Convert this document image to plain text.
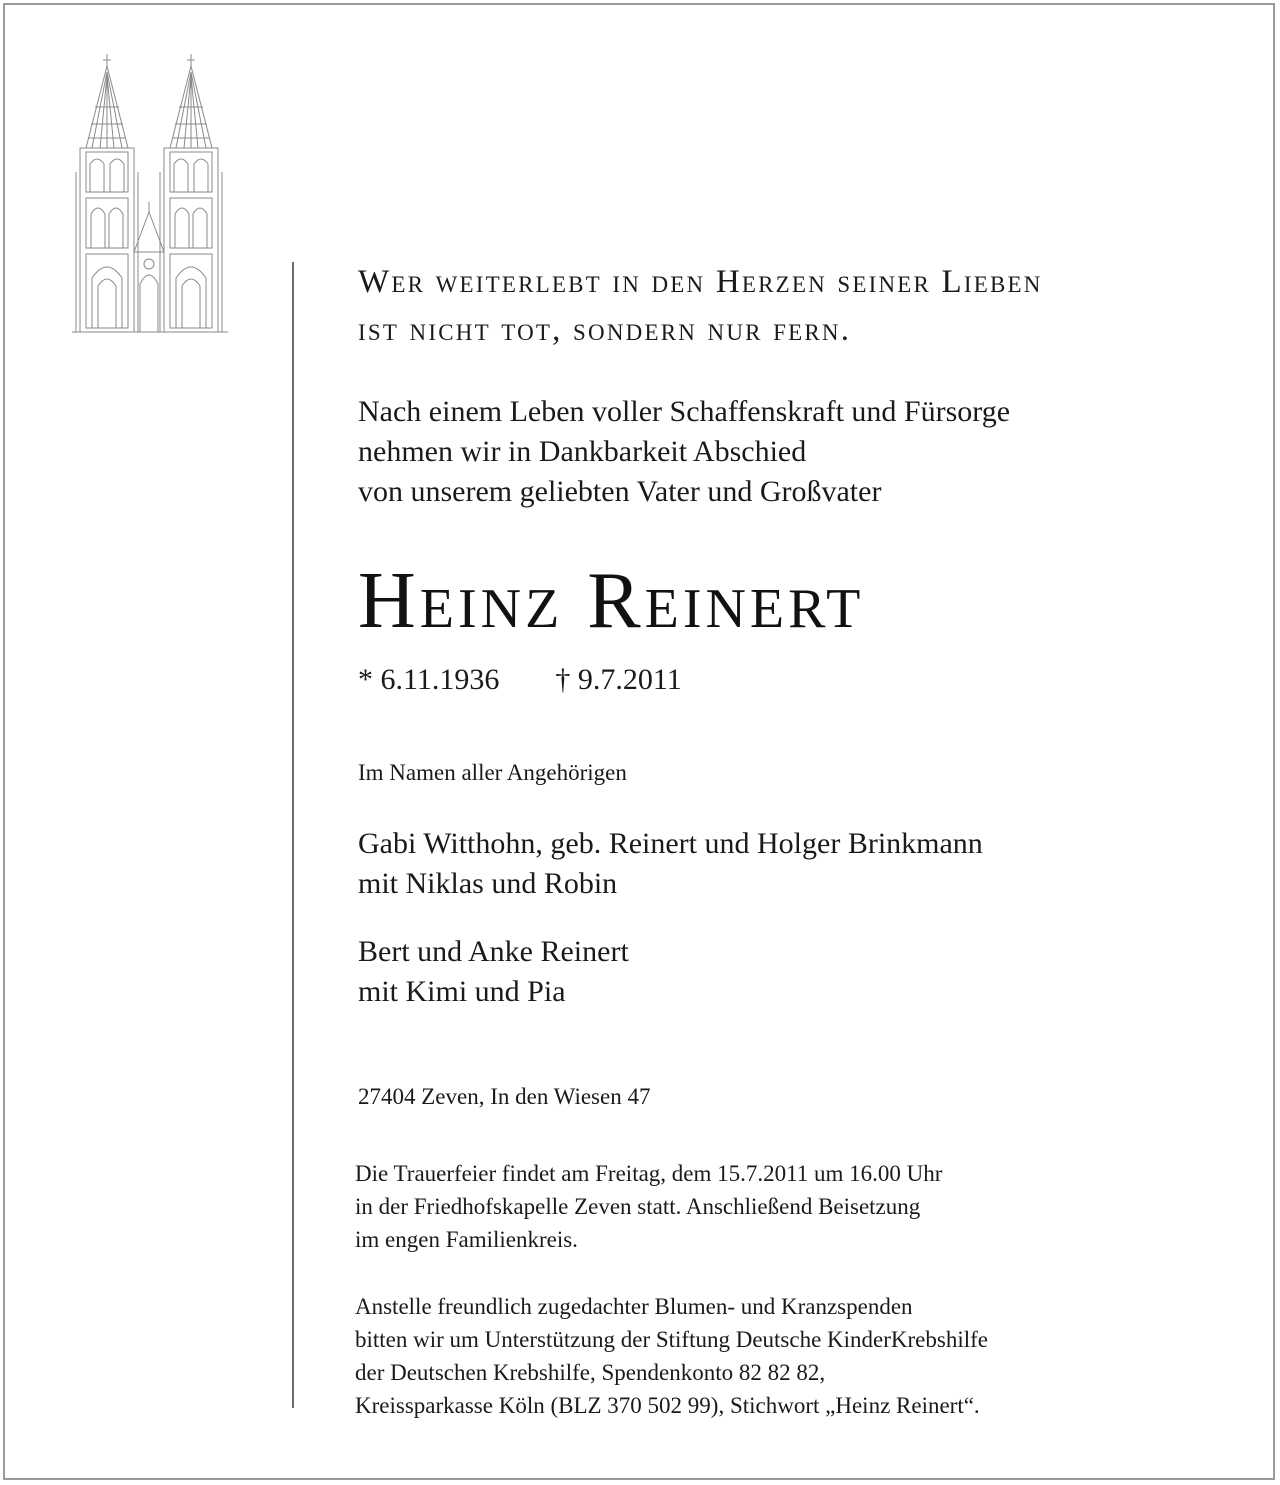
Wer weiterlebt in den Herzen seiner Lieben
ist nicht tot, sondern nur fern.
Nach einem Leben voller Schaffenskraft und Fürsorge
nehmen wir in Dankbarkeit Abschied
von unserem geliebten Vater und Großvater
Heinz Reinert
* 6.11.1936 † 9.7.2011
Im Namen aller Angehörigen
Gabi Witthohn, geb. Reinert und Holger Brinkmann
mit Niklas und Robin
Bert und Anke Reinert
mit Kimi und Pia
27404 Zeven, In den Wiesen 47
Die Trauerfeier findet am Freitag, dem 15.7.2011 um 16.00 Uhr
in der Friedhofskapelle Zeven statt. Anschließend Beisetzung
im engen Familienkreis.
Anstelle freundlich zugedachter Blumen- und Kranzspenden
bitten wir um Unterstützung der Stiftung Deutsche KinderKrebshilfe
der Deutschen Krebshilfe, Spendenkonto 82 82 82,
Kreissparkasse Köln (BLZ 370 502 99), Stichwort „Heinz Reinert“.
